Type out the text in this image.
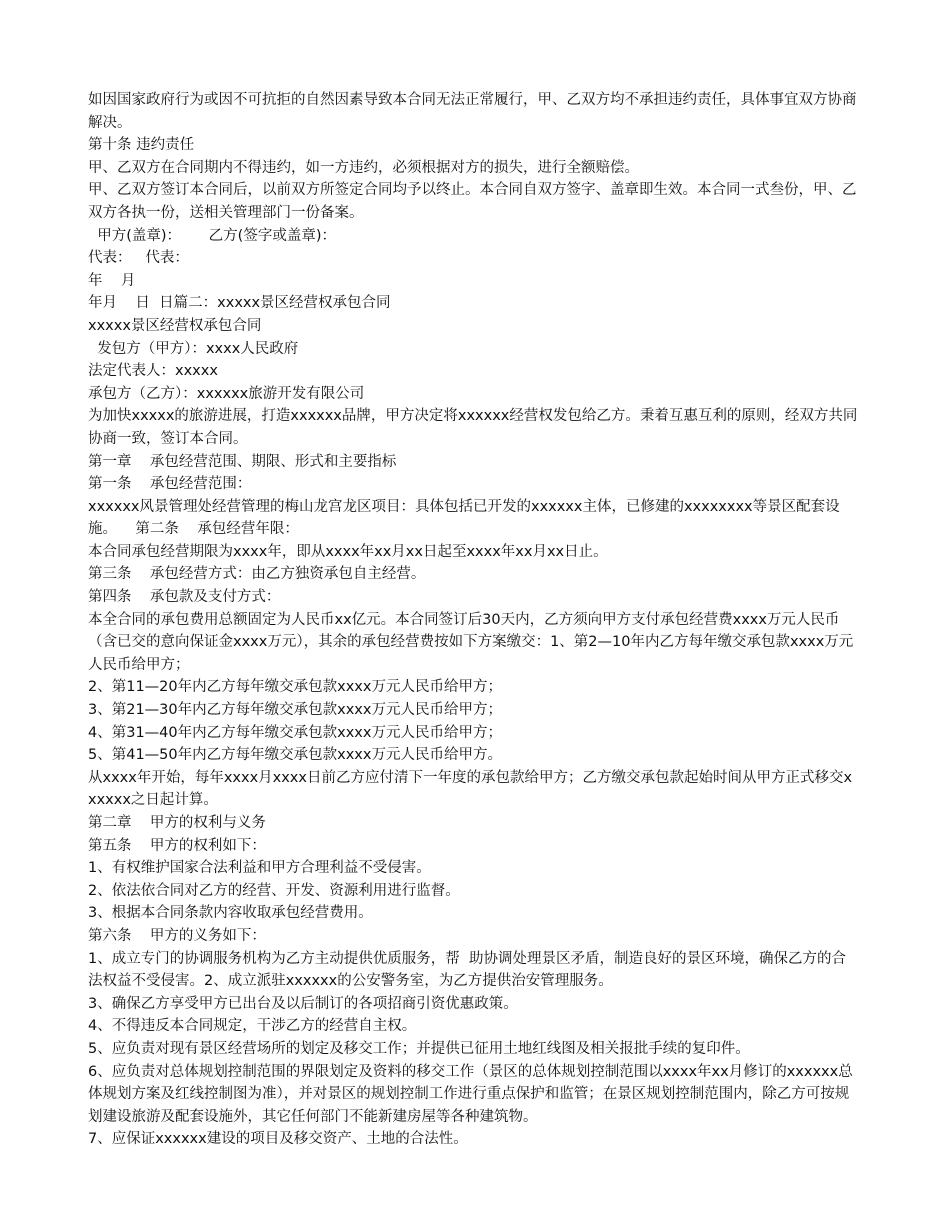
如因国家政府行为或因不可抗拒的自然因素导致本合同无法正常履行，甲、乙双方均不承担违约责任，具体事宜双方协商解决。

第十条 违约责任

甲、乙双方在合同期内不得违约，如一方违约，必须根据对方的损失，进行全额赔偿。

甲、乙双方签订本合同后，以前双方所签定合同均予以终止。本合同自双方签字、盖章即生效。本合同一式叁份，甲、乙双方各执一份，送相关管理部门一份备案。

甲方(盖章)：      乙方(签字或盖章)：

代表：   代表：

年    月

年月    日  日篇二：xxxxx景区经营权承包合同

xxxxx景区经营权承包合同

发包方（甲方）：xxxx人民政府

法定代表人：xxxxx

承包方（乙方）：xxxxxx旅游开发有限公司

为加快xxxxx的旅游进展，打造xxxxxx品牌，甲方决定将xxxxxx经营权发包给乙方。秉着互惠互利的原则，经双方共同协商一致，签订本合同。

第一章    承包经营范围、期限、形式和主要指标

第一条    承包经营范围：

xxxxxx风景管理处经营管理的梅山龙宫龙区项目：具体包括已开发的xxxxxx主体，已修建的xxxxxxxx等景区配套设施。    第二条    承包经营年限：

本合同承包经营期限为xxxx年，即从xxxx年xx月xx日起至xxxx年xx月xx日止。

第三条    承包经营方式：由乙方独资承包自主经营。

第四条    承包款及支付方式：

本全合同的承包费用总额固定为人民币xx亿元。本合同签订后30天内，乙方须向甲方支付承包经营费xxxx万元人民币（含已交的意向保证金xxxx万元），其余的承包经营费按如下方案缴交：1、第2—10年内乙方每年缴交承包款xxxx万元人民币给甲方；

2、第11—20年内乙方每年缴交承包款xxxx万元人民币给甲方；

3、第21—30年内乙方每年缴交承包款xxxx万元人民币给甲方；

4、第31—40年内乙方每年缴交承包款xxxx万元人民币给甲方；

5、第41—50年内乙方每年缴交承包款xxxx万元人民币给甲方。

从xxxx年开始，每年xxxx月xxxx日前乙方应付清下一年度的承包款给甲方；乙方缴交承包款起始时间从甲方正式移交xxxxxx之日起计算。

第二章    甲方的权利与义务

第五条    甲方的权利如下：

1、有权维护国家合法利益和甲方合理利益不受侵害。

2、依法依合同对乙方的经营、开发、资源利用进行监督。

3、根据本合同条款内容收取承包经营费用。

第六条    甲方的义务如下：

1、成立专门的协调服务机构为乙方主动提供优质服务，帮  助协调处理景区矛盾，制造良好的景区环境，确保乙方的合法权益不受侵害。2、成立派驻xxxxxx的公安警务室，为乙方提供治安管理服务。

3、确保乙方享受甲方已出台及以后制订的各项招商引资优惠政策。

4、不得违反本合同规定，干涉乙方的经营自主权。

5、应负责对现有景区经营场所的划定及移交工作；并提供已征用土地红线图及相关报批手续的复印件。

6、应负责对总体规划控制范围的界限划定及资料的移交工作（景区的总体规划控制范围以xxxx年xx月修订的xxxxxx总体规划方案及红线控制图为准），并对景区的规划控制工作进行重点保护和监管；在景区规划控制范围内，除乙方可按规划建设旅游及配套设施外，其它任何部门不能新建房屋等各种建筑物。

7、应保证xxxxxx建设的项目及移交资产、土地的合法性。
